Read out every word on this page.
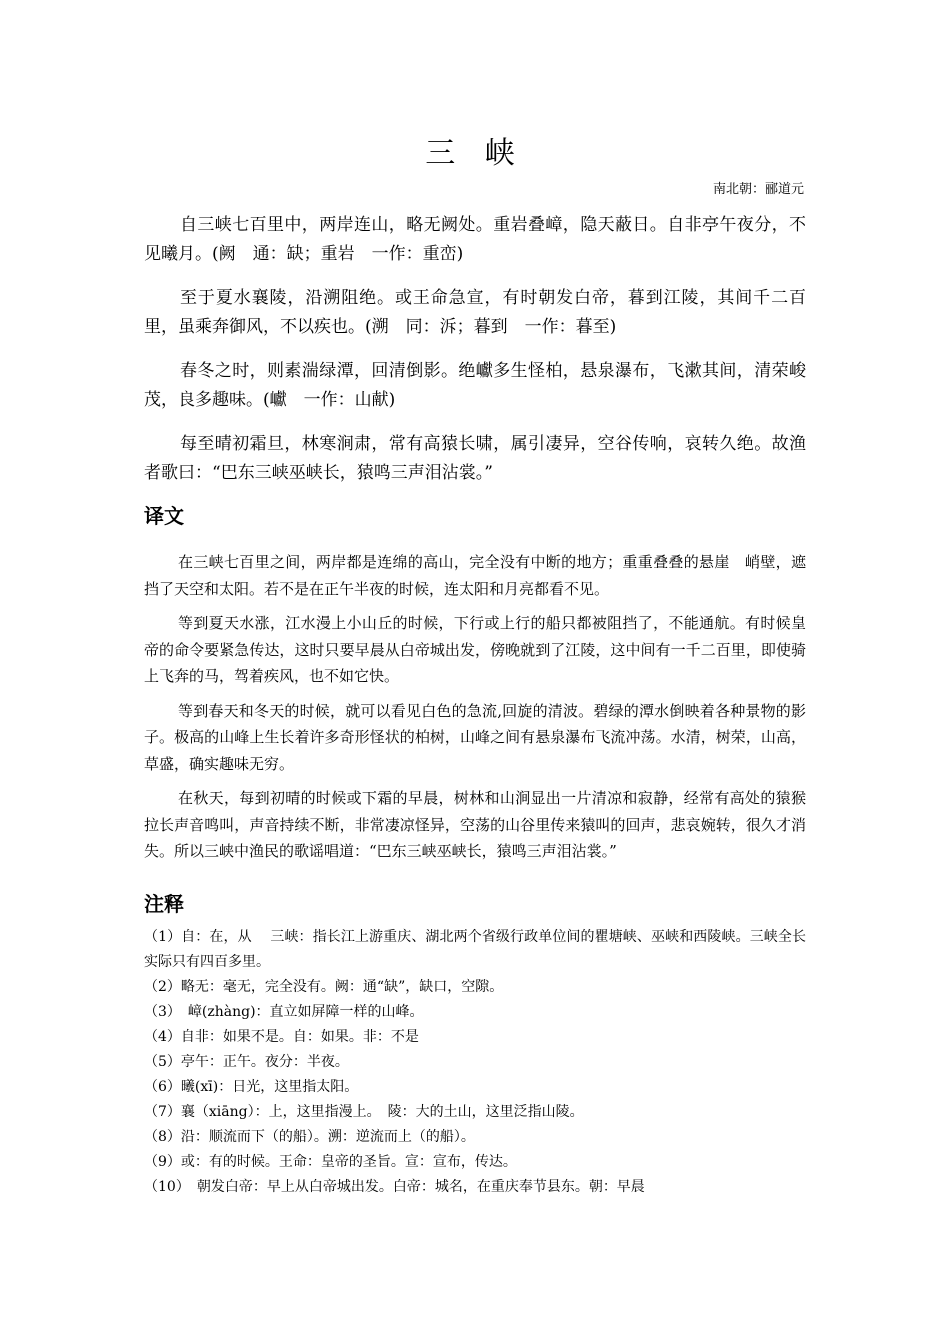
三 峡
南北朝：郦道元

自三峡七百里中，两岸连山，略无阙处。重岩叠嶂，隐天蔽日。自非亭午夜分，不见曦月。(阙　通：缺；重岩　一作：重峦)

至于夏水襄陵，沿溯阻绝。或王命急宣，有时朝发白帝，暮到江陵，其间千二百里，虽乘奔御风，不以疾也。(溯　同：泝；暮到　一作：暮至)

春冬之时，则素湍绿潭，回清倒影。绝巘多生怪柏，悬泉瀑布，飞漱其间，清荣峻茂，良多趣味。(巘　一作：山献)

每至晴初霜旦，林寒涧肃，常有高猿长啸，属引凄异，空谷传响，哀转久绝。故渔者歌曰：“巴东三峡巫峡长，猿鸣三声泪沾裳。”

译文

在三峡七百里之间，两岸都是连绵的高山，完全没有中断的地方；重重叠叠的悬崖　峭壁，遮挡了天空和太阳。若不是在正午半夜的时候，连太阳和月亮都看不见。

等到夏天水涨，江水漫上小山丘的时候，下行或上行的船只都被阻挡了，不能通航。有时候皇帝的命令要紧急传达，这时只要早晨从白帝城出发，傍晚就到了江陵，这中间有一千二百里，即使骑上飞奔的马，驾着疾风，也不如它快。

等到春天和冬天的时候，就可以看见白色的急流,回旋的清波。碧绿的潭水倒映着各种景物的影子。极高的山峰上生长着许多奇形怪状的柏树，山峰之间有悬泉瀑布飞流冲荡。水清，树荣，山高，草盛，确实趣味无穷。

在秋天，每到初晴的时候或下霜的早晨，树林和山涧显出一片清凉和寂静，经常有高处的猿猴拉长声音鸣叫，声音持续不断，非常凄凉怪异，空荡的山谷里传来猿叫的回声，悲哀婉转，很久才消失。所以三峡中渔民的歌谣唱道：“巴东三峡巫峡长，猿鸣三声泪沾裳。”

注释
（1）自：在，从　 三峡：指长江上游重庆、湖北两个省级行政单位间的瞿塘峡、巫峡和西陵峡。三峡全长实际只有四百多里。
（2）略无：毫无，完全没有。阙：通“缺”，缺口，空隙。
（3）　嶂(zhàng)：直立如屏障一样的山峰。
（4）自非：如果不是。自：如果。非：不是
（5）亭午：正午。夜分：半夜。
（6）曦(xī)：日光，这里指太阳。
（7）襄（xiāng）：上，这里指漫上。　陵：大的土山，这里泛指山陵。
（8）沿：顺流而下（的船）。溯：逆流而上（的船）。
（9）或：有的时候。王命：皇帝的圣旨。宣：宣布，传达。
（10）　朝发白帝：早上从白帝城出发。白帝：城名，在重庆奉节县东。朝：早晨
